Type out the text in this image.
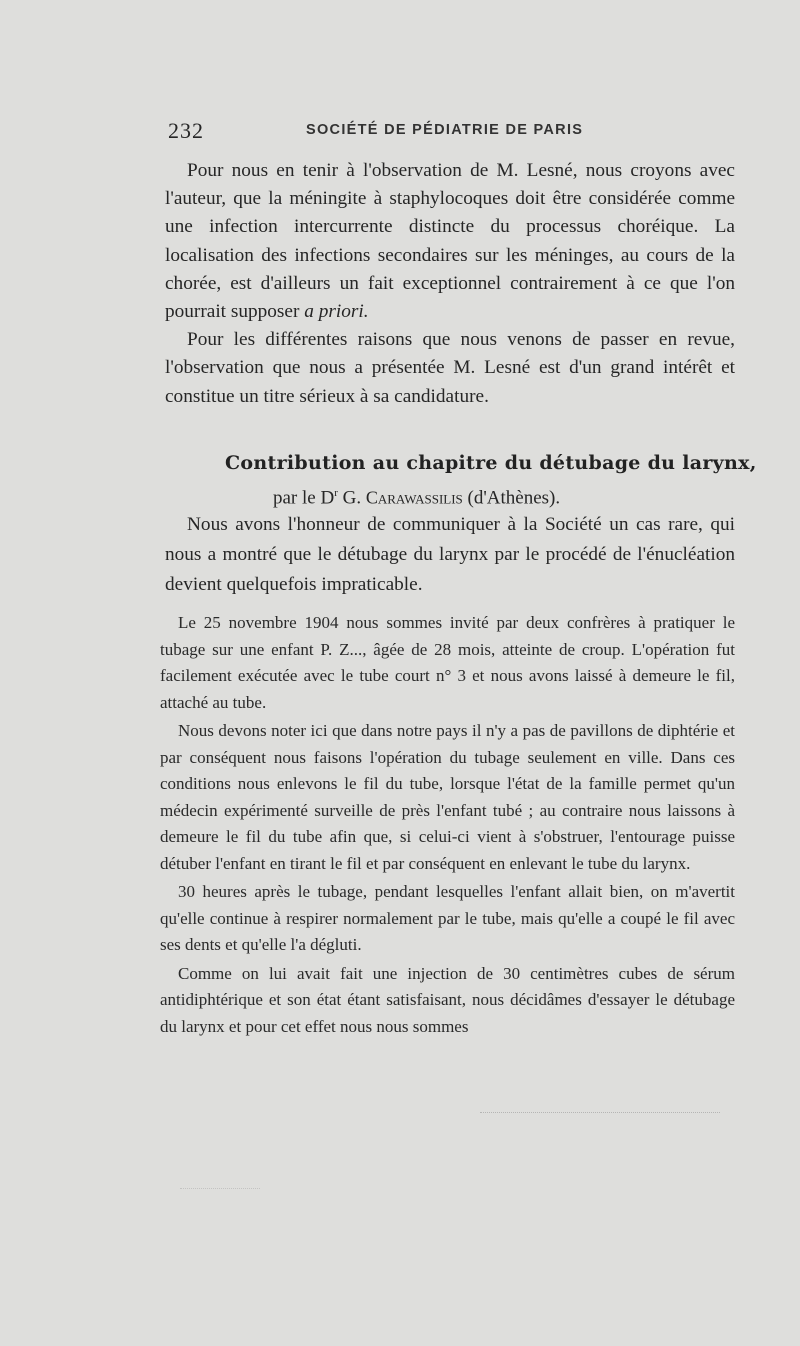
232	SOCIÉTÉ DE PÉDIATRIE DE PARIS

Pour nous en tenir à l'observation de M. Lesné, nous croyons avec l'auteur, que la méningite à staphylocoques doit être considérée comme une infection intercurrente distincte du processus choréique. La localisation des infections secondaires sur les méninges, au cours de la chorée, est d'ailleurs un fait exceptionnel contrairement à ce que l'on pourrait supposer a priori.

Pour les différentes raisons que nous venons de passer en revue, l'observation que nous a présentée M. Lesné est d'un grand intérêt et constitue un titre sérieux à sa candidature.

Contribution au chapitre du détubage du larynx,
par le $D^r$ G. Carawassilis (d'Athènes).

Nous avons l'honneur de communiquer à la Société un cas rare, qui nous a montré que le détubage du larynx par le procédé de l'énucléation devient quelquefois impraticable.

Le 25 novembre 1904 nous sommes invité par deux confrères à pratiquer le tubage sur une enfant P. Z..., âgée de 28 mois, atteinte de croup. L'opération fut facilement exécutée avec le tube court n° 3 et nous avons laissé à demeure le fil, attaché au tube.

Nous devons noter ici que dans notre pays il n'y a pas de pavillons de diphtérie et par conséquent nous faisons l'opération du tubage seulement en ville. Dans ces conditions nous enlevons le fil du tube, lorsque l'état de la famille permet qu'un médecin expérimenté surveille de près l'enfant tubé ; au contraire nous laissons à demeure le fil du tube afin que, si celui-ci vient à s'obstruer, l'entourage puisse détuber l'enfant en tirant le fil et par conséquent en enlevant le tube du larynx.

30 heures après le tubage, pendant lesquelles l'enfant allait bien, on m'avertit qu'elle continue à respirer normalement par le tube, mais qu'elle a coupé le fil avec ses dents et qu'elle l'a dégluti.

Comme on lui avait fait une injection de 30 centimètres cubes de sérum antidiphtérique et son état étant satisfaisant, nous décidâmes d'essayer le détubage du larynx et pour cet effet nous nous sommes
